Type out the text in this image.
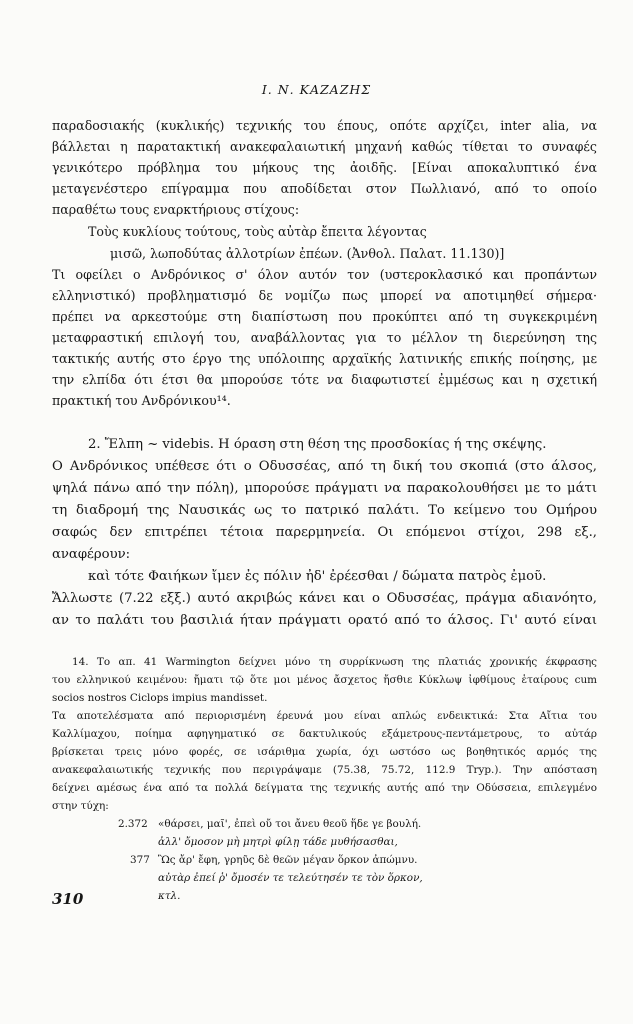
Ι. Ν. ΚΑΖΑΖΗΣ
παραδοσιακής (κυκλικής) τεχνικής του έπους, οπότε αρχίζει, inter alia, να
βάλλεται η παρατακτική ανακεφαλαιωτική μηχανή καθώς τίθεται το συναφές
γενικότερο πρόβλημα του μήκους της ἀοιδῆς. [Είναι αποκαλυπτικό ένα
μεταγενέστερο επίγραμμα που αποδίδεται στον Πωλλιανό, από το οποίο
παραθέτω τους εναρκτήριους στίχους:
Τοὺς κυκλίους τούτους, τοὺς αὐτὰρ ἔπειτα λέγοντας
μισῶ, λωποδύτας ἀλλοτρίων ἐπέων. (Ἀνθολ. Παλατ. 11.130)]
Τι οφείλει ο Ανδρόνικος σ' όλον αυτόν τον (υστεροκλασικό και προπάντων
ελληνιστικό) προβληματισμό δε νομίζω πως μπορεί να αποτιμηθεί σήμερα·
πρέπει να αρκεστούμε στη διαπίστωση που προκύπτει από τη συγκεκριμένη
μεταφραστική επιλογή του, αναβάλλοντας για το μέλλον τη διερεύνηση της
τακτικής αυτής στο έργο της υπόλοιπης αρχαϊκής λατινικής επικής ποίησης, με
την ελπίδα ότι έτσι θα μπορούσε τότε να διαφωτιστεί ἐμμέσως και η σχετική
πρακτική του Ανδρόνικου¹⁴.
2. Ἔλπη ~ videbis. Η όραση στη θέση της προσδοκίας ή της σκέψης.
Ο Ανδρόνικος υπέθεσε ότι ο Οδυσσέας, από τη δική του σκοπιά (στο άλσος,
ψηλά πάνω από την πόλη), μπορούσε πράγματι να παρακολουθήσει με το μάτι
τη διαδρομή της Ναυσικάς ως το πατρικό παλάτι. Το κείμενο του Ομήρου
σαφώς δεν επιτρέπει τέτοια παρερμηνεία. Οι επόμενοι στίχοι, 298 εξ.,
αναφέρουν:
καὶ τότε Φαιήκων ἴμεν ἐς πόλιν ἠδ' ἐρέεσθαι / δώματα πατρὸς ἐμοῦ.
Ἄλλωστε (7.22 εξξ.) αυτό ακριβώς κάνει και ο Οδυσσέας, πράγμα αδιανόητο,
αν το παλάτι του βασιλιά ήταν πράγματι ορατό από το άλσος. Γι' αυτό είναι
14. Το απ. 41 Warmington δείχνει μόνο τη συρρίκνωση της πλατιάς χρονικής έκφρασης
του ελληνικού κειμένου: ἤματι τῷ ὅτε μοι μένος ἄσχετος ἤσθιε Κύκλωψ ἰφθίμους ἑταίρους cum
socios nostros Ciclops impius mandisset.
Τα αποτελέσματα από περιορισμένη έρευνά μου είναι απλώς ενδεικτικά: Στα Αἴτια του
Καλλίμαχου, ποίημα αφηγηματικό σε δακτυλικούς εξάμετρους-πεντάμετρους, το αὐτάρ
βρίσκεται τρεις μόνο φορές, σε ισάριθμα χωρία, όχι ωστόσο ως βοηθητικός αρμός της
ανακεφαλαιωτικής τεχνικής που περιγράψαμε (75.38, 75.72, 112.9 Tryp.). Την απόσταση
δείχνει αμέσως ένα από τα πολλά δείγματα της τεχνικής αυτής από την Οδύσσεια, επιλεγμένο
στην τύχη:
2.372 «θάρσει, μαῖ', ἐπεὶ οὔ τοι ἄνευ θεοῦ ἥδε γε βουλή.
ἀλλ' ὄμοσον μὴ μητρὶ φίλῃ τάδε μυθήσασθαι,
377 Ὣς ἄρ' ἔφη, γρηῦς δὲ θεῶν μέγαν ὅρκον ἀπώμνυ.
αὐτὰρ ἐπεί ῥ' ὄμοσέν τε τελεύτησέν τε τὸν ὅρκον,
κτλ.
310
